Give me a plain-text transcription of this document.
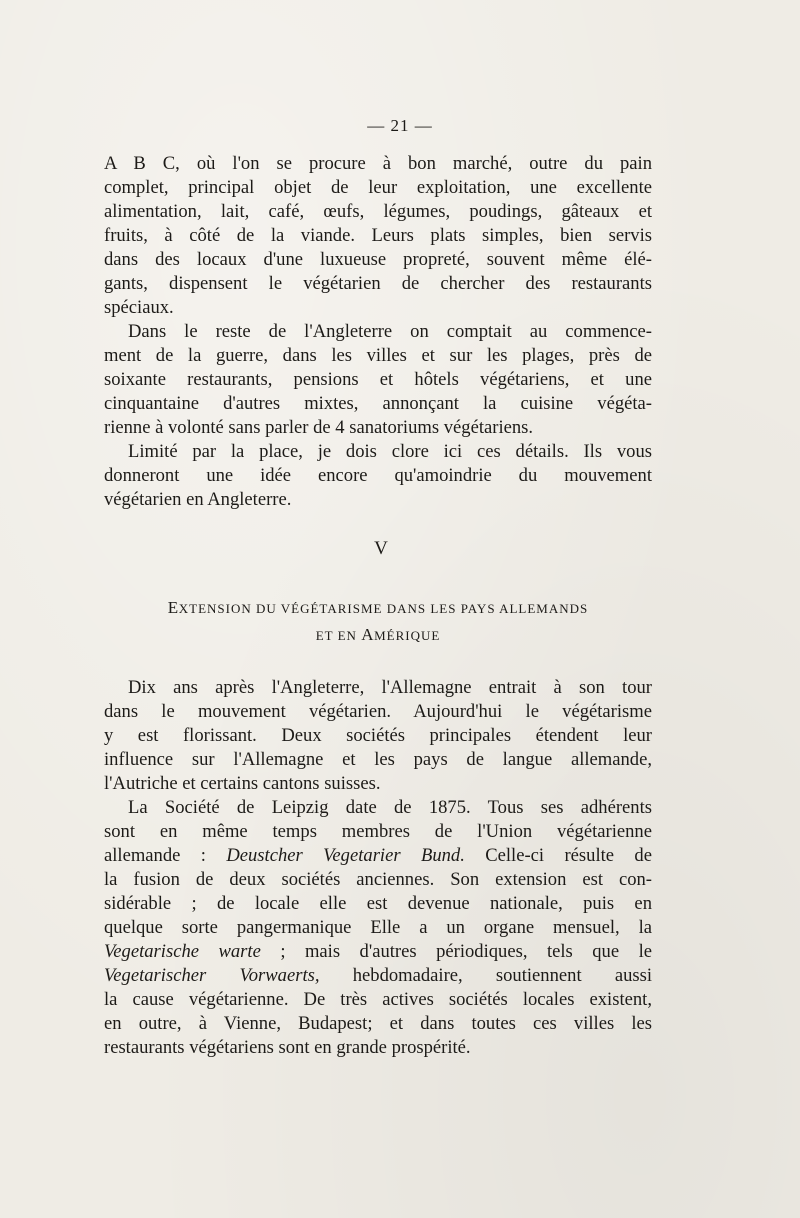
— 21 —

A B C, où l'on se procure à bon marché, outre du pain
complet, principal objet de leur exploitation, une excellente
alimentation, lait, café, œufs, légumes, poudings, gâteaux et
fruits, à côté de la viande. Leurs plats simples, bien servis
dans des locaux d'une luxueuse propreté, souvent même élé-
gants, dispensent le végétarien de chercher des restaurants
spéciaux.

Dans le reste de l'Angleterre on comptait au commence-
ment de la guerre, dans les villes et sur les plages, près de
soixante restaurants, pensions et hôtels végétariens, et une
cinquantaine d'autres mixtes, annonçant la cuisine végéta-
rienne à volonté sans parler de 4 sanatoriums végétariens.

Limité par la place, je dois clore ici ces détails. Ils vous
donneront une idée encore qu'amoindrie du mouvement
végétarien en Angleterre.

V
EXTENSION DU VÉGÉTARISME DANS LES PAYS ALLEMANDS
ET EN AMÉRIQUE

Dix ans après l'Angleterre, l'Allemagne entrait à son tour
dans le mouvement végétarien. Aujourd'hui le végétarisme
y est florissant. Deux sociétés principales étendent leur
influence sur l'Allemagne et les pays de langue allemande,
l'Autriche et certains cantons suisses.

La Société de Leipzig date de 1875. Tous ses adhérents
sont en même temps membres de l'Union végétarienne
allemande : Deustcher Vegetarier Bund. Celle-ci résulte de
la fusion de deux sociétés anciennes. Son extension est con-
sidérable ; de locale elle est devenue nationale, puis en
quelque sorte pangermanique Elle a un organe mensuel, la
Vegetarische warte ; mais d'autres périodiques, tels que le
Vegetarischer Vorwaerts, hebdomadaire, soutiennent aussi
la cause végétarienne. De très actives sociétés locales existent,
en outre, à Vienne, Budapest; et dans toutes ces villes les
restaurants végétariens sont en grande prospérité.
